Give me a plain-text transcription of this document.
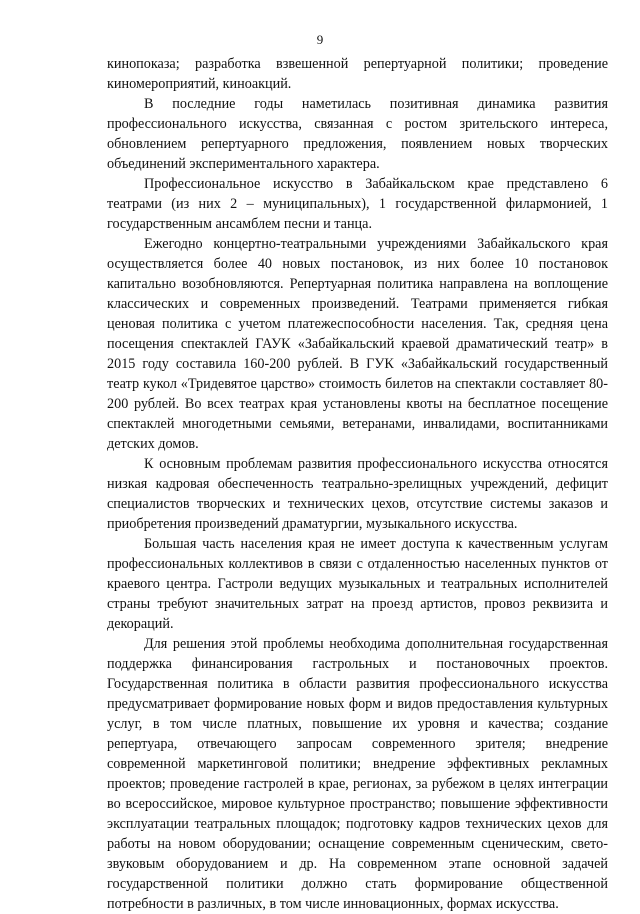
9

кинопоказа; разработка взвешенной репертуарной политики; проведение киномероприятий, киноакций.

В последние годы наметилась позитивная динамика развития профессионального искусства, связанная с ростом зрительского интереса, обновлением репертуарного предложения, появлением новых творческих объединений экспериментального характера.

Профессиональное искусство в Забайкальском крае представлено 6 театрами (из них 2 – муниципальных), 1 государственной филармонией, 1 государственным ансамблем песни и танца.

Ежегодно концертно-театральными учреждениями Забайкальского края осуществляется более 40 новых постановок, из них более 10 постановок капитально возобновляются. Репертуарная политика направлена на воплощение классических и современных произведений. Театрами применяется гибкая ценовая политика с учетом платежеспособности населения. Так, средняя цена посещения спектаклей ГАУК «Забайкальский краевой драматический театр» в 2015 году составила 160-200 рублей. В ГУК «Забайкальский государственный театр кукол «Тридевятое царство» стоимость билетов на спектакли составляет 80-200 рублей. Во всех театрах края установлены квоты на бесплатное посещение спектаклей многодетными семьями, ветеранами, инвалидами, воспитанниками детских домов.

К основным проблемам развития профессионального искусства относятся низкая кадровая обеспеченность театрально-зрелищных учреждений, дефицит специалистов творческих и технических цехов, отсутствие системы заказов и приобретения произведений драматургии, музыкального искусства.

Большая часть населения края не имеет доступа к качественным услугам профессиональных коллективов в связи с отдаленностью населенных пунктов от краевого центра. Гастроли ведущих музыкальных и театральных исполнителей страны требуют значительных затрат на проезд артистов, провоз реквизита и декораций.

Для решения этой проблемы необходима дополнительная государственная поддержка финансирования гастрольных и постановочных проектов. Государственная политика в области развития профессионального искусства предусматривает формирование новых форм и видов предоставления культурных услуг, в том числе платных, повышение их уровня и качества; создание репертуара, отвечающего запросам современного зрителя; внедрение современной маркетинговой политики; внедрение эффективных рекламных проектов; проведение гастролей в крае, регионах, за рубежом в целях интеграции во всероссийское, мировое культурное пространство; повышение эффективности эксплуатации театральных площадок; подготовку кадров технических цехов для работы на новом оборудовании; оснащение современным сценическим, свето-звуковым оборудованием и др. На современном этапе основной задачей государственной политики должно стать формирование общественной потребности в различных, в том числе инновационных, формах искусства.
